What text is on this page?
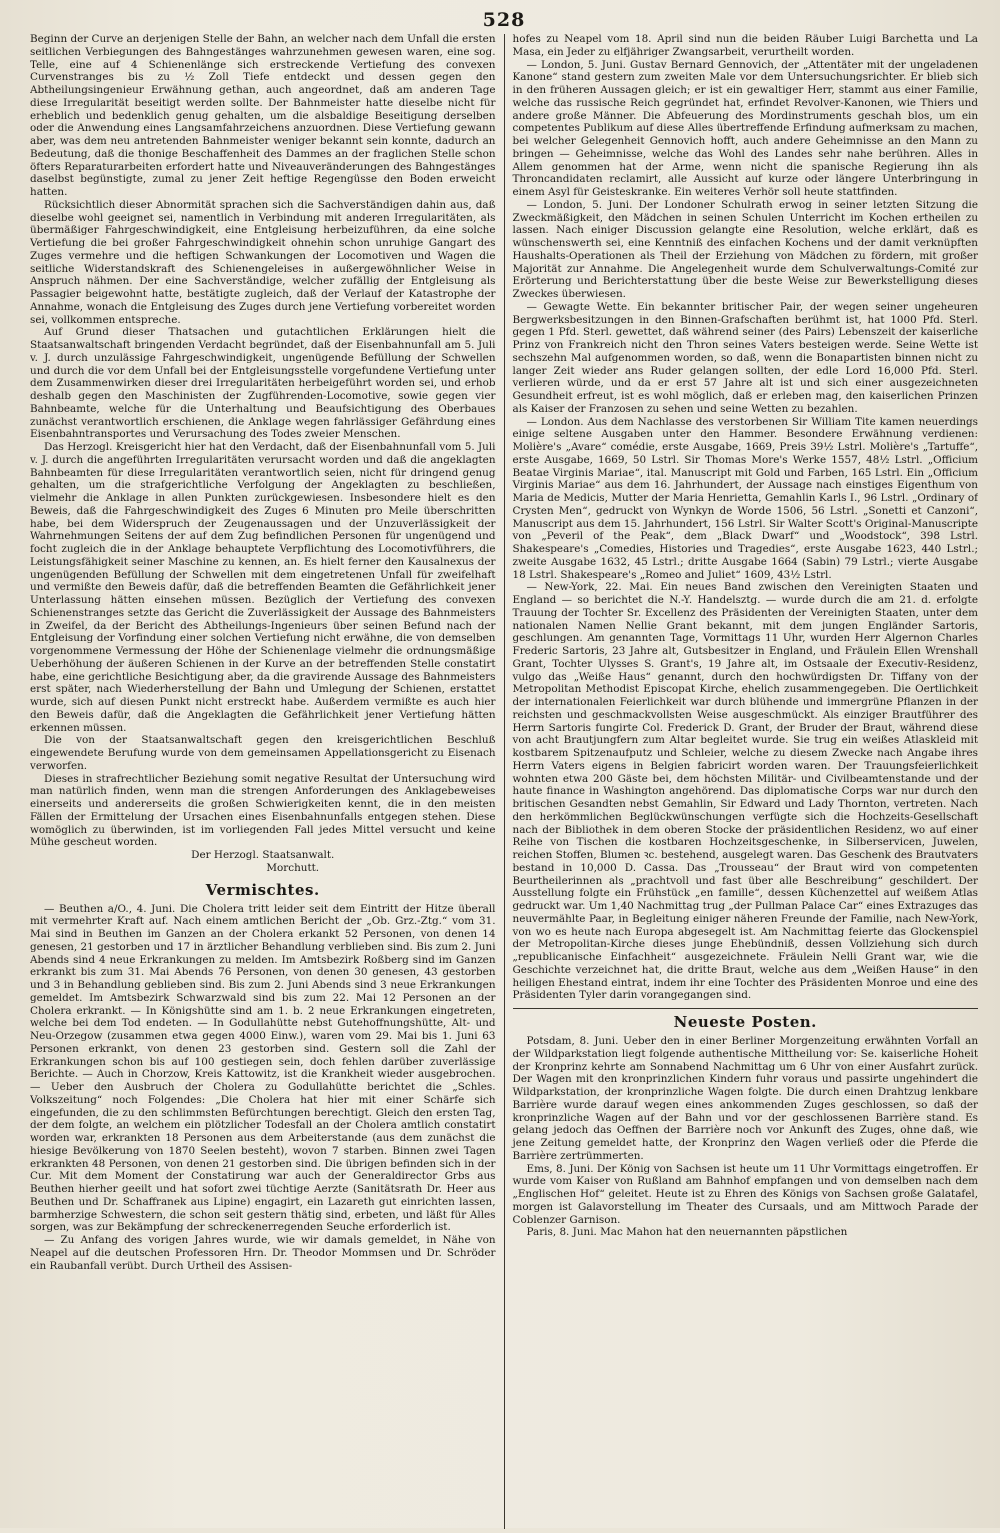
528

Beginn der Curve an derjenigen Stelle der Bahn, an welcher nach dem Unfall die ersten seitlichen Verbiegungen des Bahngestänges wahrzunehmen gewesen waren, eine sog. Telle, eine auf 4 Schienenlänge sich erstreckende Vertiefung des convexen Curvenstranges bis zu ½ Zoll Tiefe entdeckt und dessen gegen den Abtheilungsingenieur Erwähnung gethan, auch angeordnet, daß am anderen Tage diese Irregularität beseitigt werden sollte. Der Bahnmeister hatte dieselbe nicht für erheblich und bedenklich genug gehalten, um die alsbaldige Beseitigung derselben oder die Anwendung eines Langsamfahrzeichens anzuordnen. Diese Vertiefung gewann aber, was dem neu antretenden Bahnmeister weniger bekannt sein konnte, dadurch an Bedeutung, daß die thonige Beschaffenheit des Dammes an der fraglichen Stelle schon öfters Reparaturarbeiten erfordert hatte und Niveauveränderungen des Bahngestänges daselbst begünstigte, zumal zu jener Zeit heftige Regengüsse den Boden erweicht hatten.

Rücksichtlich dieser Abnormität sprachen sich die Sachverständigen dahin aus, daß dieselbe wohl geeignet sei, namentlich in Verbindung mit anderen Irregularitäten, als übermäßiger Fahrgeschwindigkeit, eine Entgleisung herbeizuführen, da eine solche Vertiefung die bei großer Fahrgeschwindigkeit ohnehin schon unruhige Gangart des Zuges vermehre und die heftigen Schwankungen der Locomotiven und Wagen die seitliche Widerstandskraft des Schienengeleises in außergewöhnlicher Weise in Anspruch nähmen. Der eine Sachverständige, welcher zufällig der Entgleisung als Passagier beigewohnt hatte, bestätigte zugleich, daß der Verlauf der Katastrophe der Annahme, wonach die Entgleisung des Zuges durch jene Vertiefung vorbereitet worden sei, vollkommen entspreche.

Auf Grund dieser Thatsachen und gutachtlichen Erklärungen hielt die Staatsanwaltschaft bringenden Verdacht begründet, daß der Eisenbahnunfall am 5. Juli v. J. durch unzulässige Fahrgeschwindigkeit, ungenügende Befüllung der Schwellen und durch die vor dem Unfall bei der Entgleisungsstelle vorgefundene Vertiefung unter dem Zusammenwirken dieser drei Irregularitäten herbeigeführt worden sei, und erhob deshalb gegen den Maschinisten der Zugführenden-Locomotive, sowie gegen vier Bahnbeamte, welche für die Unterhaltung und Beaufsichtigung des Oberbaues zunächst verantwortlich erschienen, die Anklage wegen fahrlässiger Gefährdung eines Eisenbahntransportes und Verursachung des Todes zweier Menschen.

Das Herzogl. Kreisgericht hier hat den Verdacht, daß der Eisenbahnunfall vom 5. Juli v. J. durch die angeführten Irregularitäten verursacht worden und daß die angeklagten Bahnbeamten für diese Irregularitäten verantwortlich seien, nicht für dringend genug gehalten, um die strafgerichtliche Verfolgung der Angeklagten zu beschließen, vielmehr die Anklage in allen Punkten zurückgewiesen. Insbesondere hielt es den Beweis, daß die Fahrgeschwindigkeit des Zuges 6 Minuten pro Meile überschritten habe, bei dem Widerspruch der Zeugenaussagen und der Unzuverlässigkeit der Wahrnehmungen Seitens der auf dem Zug befindlichen Personen für ungenügend und focht zugleich die in der Anklage behauptete Verpflichtung des Locomotivführers, die Leistungsfähigkeit seiner Maschine zu kennen, an. Es hielt ferner den Kausalnexus der ungenügenden Befüllung der Schwellen mit dem eingetretenen Unfall für zweifelhaft und vermißte den Beweis dafür, daß die betreffenden Beamten die Gefährlichkeit jener Unterlassung hätten einsehen müssen. Bezüglich der Vertiefung des convexen Schienenstranges setzte das Gericht die Zuverlässigkeit der Aussage des Bahnmeisters in Zweifel, da der Bericht des Abtheilungs-Ingenieurs über seinen Befund nach der Entgleisung der Vorfindung einer solchen Vertiefung nicht erwähne, die von demselben vorgenommene Vermessung der Höhe der Schienenlage vielmehr die ordnungsmäßige Ueberhöhung der äußeren Schienen in der Kurve an der betreffenden Stelle constatirt habe, eine gerichtliche Besichtigung aber, da die gravirende Aussage des Bahnmeisters erst später, nach Wiederherstellung der Bahn und Umlegung der Schienen, erstattet wurde, sich auf diesen Punkt nicht erstreckt habe. Außerdem vermißte es auch hier den Beweis dafür, daß die Angeklagten die Gefährlichkeit jener Vertiefung hätten erkennen müssen.

Die von der Staatsanwaltschaft gegen den kreisgerichtlichen Beschluß eingewendete Berufung wurde von dem gemeinsamen Appellationsgericht zu Eisenach verworfen.

Dieses in strafrechtlicher Beziehung somit negative Resultat der Untersuchung wird man natürlich finden, wenn man die strengen Anforderungen des Anklagebeweises einerseits und andererseits die großen Schwierigkeiten kennt, die in den meisten Fällen der Ermittelung der Ursachen eines Eisenbahnunfalls entgegen stehen. Diese womöglich zu überwinden, ist im vorliegenden Fall jedes Mittel versucht und keine Mühe gescheut worden.

Der Herzogl. Staatsanwalt.

Morchutt.

Vermischtes.

— Beuthen a/O., 4. Juni. Die Cholera tritt leider seit dem Eintritt der Hitze überall mit vermehrter Kraft auf. Nach einem amtlichen Bericht der „Ob. Grz.-Ztg.“ vom 31. Mai sind in Beuthen im Ganzen an der Cholera erkankt 52 Personen, von denen 14 genesen, 21 gestorben und 17 in ärztlicher Behandlung verblieben sind. Bis zum 2. Juni Abends sind 4 neue Erkrankungen zu melden. Im Amtsbezirk Roßberg sind im Ganzen erkrankt bis zum 31. Mai Abends 76 Personen, von denen 30 genesen, 43 gestorben und 3 in Behandlung geblieben sind. Bis zum 2. Juni Abends sind 3 neue Erkrankungen gemeldet. Im Amtsbezirk Schwarzwald sind bis zum 22. Mai 12 Personen an der Cholera erkrankt. — In Königshütte sind am 1. b. 2 neue Erkrankungen eingetreten, welche bei dem Tod endeten. — In Godullahütte nebst Gutehoffnungshütte, Alt- und Neu-Orzegow (zusammen etwa gegen 4000 Einw.), waren vom 29. Mai bis 1. Juni 63 Personen erkrankt, von denen 23 gestorben sind. Gestern soll die Zahl der Erkrankungen schon bis auf 100 gestiegen sein, doch fehlen darüber zuverlässige Berichte. — Auch in Chorzow, Kreis Kattowitz, ist die Krankheit wieder ausgebrochen. — Ueber den Ausbruch der Cholera zu Godullahütte berichtet die „Schles. Volkszeitung“ noch Folgendes: „Die Cholera hat hier mit einer Schärfe sich eingefunden, die zu den schlimmsten Befürchtungen berechtigt. Gleich den ersten Tag, der dem folgte, an welchem ein plötzlicher Todesfall an der Cholera amtlich constatirt worden war, erkrankten 18 Personen aus dem Arbeiterstande (aus dem zunächst die hiesige Bevölkerung von 1870 Seelen besteht), wovon 7 starben. Binnen zwei Tagen erkrankten 48 Personen, von denen 21 gestorben sind. Die übrigen befinden sich in der Cur. Mit dem Moment der Constatirung war auch der Generaldirector Grbs aus Beuthen hierher geeilt und hat sofort zwei tüchtige Aerzte (Sanitätsrath Dr. Heer aus Beuthen und Dr. Schaffranek aus Lipine) engagirt, ein Lazareth gut einrichten lassen, barmherzige Schwestern, die schon seit gestern thätig sind, erbeten, und läßt für Alles sorgen, was zur Bekämpfung der schreckenerregenden Seuche erforderlich ist.

— Zu Anfang des vorigen Jahres wurde, wie wir damals gemeldet, in Nähe von Neapel auf die deutschen Professoren Hrn. Dr. Theodor Mommsen und Dr. Schröder ein Raubanfall verübt. Durch Urtheil des Assisen-

hofes zu Neapel vom 18. April sind nun die beiden Räuber Luigi Barchetta und La Masa, ein Jeder zu elfjähriger Zwangsarbeit, verurtheilt worden.

— London, 5. Juni. Gustav Bernard Gennovich, der „Attentäter mit der ungeladenen Kanone“ stand gestern zum zweiten Male vor dem Untersuchungsrichter. Er blieb sich in den früheren Aussagen gleich; er ist ein gewaltiger Herr, stammt aus einer Familie, welche das russische Reich gegründet hat, erfindet Revolver-Kanonen, wie Thiers und andere große Männer. Die Abfeuerung des Mordinstruments geschah blos, um ein competentes Publikum auf diese Alles übertreffende Erfindung aufmerksam zu machen, bei welcher Gelegenheit Gennovich hofft, auch andere Geheimnisse an den Mann zu bringen — Geheimnisse, welche das Wohl des Landes sehr nahe berühren. Alles in Allem genommen hat der Arme, wenn nicht die spanische Regierung ihn als Throncandidaten reclamirt, alle Aussicht auf kurze oder längere Unterbringung in einem Asyl für Geisteskranke. Ein weiteres Verhör soll heute stattfinden.

— London, 5. Juni. Der Londoner Schulrath erwog in seiner letzten Sitzung die Zweckmäßigkeit, den Mädchen in seinen Schulen Unterricht im Kochen ertheilen zu lassen. Nach einiger Discussion gelangte eine Resolution, welche erklärt, daß es wünschenswerth sei, eine Kenntniß des einfachen Kochens und der damit verknüpften Haushalts-Operationen als Theil der Erziehung von Mädchen zu fördern, mit großer Majorität zur Annahme. Die Angelegenheit wurde dem Schulverwaltungs-Comité zur Erörterung und Berichterstattung über die beste Weise zur Bewerkstelligung dieses Zweckes überwiesen.

— Gewagte Wette. Ein bekannter britischer Pair, der wegen seiner ungeheuren Bergwerksbesitzungen in den Binnen-Grafschaften berühmt ist, hat 1000 Pfd. Sterl. gegen 1 Pfd. Sterl. gewettet, daß während seiner (des Pairs) Lebenszeit der kaiserliche Prinz von Frankreich nicht den Thron seines Vaters besteigen werde. Seine Wette ist sechszehn Mal aufgenommen worden, so daß, wenn die Bonapartisten binnen nicht zu langer Zeit wieder ans Ruder gelangen sollten, der edle Lord 16,000 Pfd. Sterl. verlieren würde, und da er erst 57 Jahre alt ist und sich einer ausgezeichneten Gesundheit erfreut, ist es wohl möglich, daß er erleben mag, den kaiserlichen Prinzen als Kaiser der Franzosen zu sehen und seine Wetten zu bezahlen.

— London. Aus dem Nachlasse des verstorbenen Sir William Tite kamen neuerdings einige seltene Ausgaben unter den Hammer. Besondere Erwähnung verdienen: Molière's „Avare“ comédie, erste Ausgabe, 1669, Preis 39½ Lstrl. Molière's „Tartuffe“, erste Ausgabe, 1669, 50 Lstrl. Sir Thomas More's Werke 1557, 48½ Lstrl. „Officium Beatae Virginis Mariae“, ital. Manuscript mit Gold und Farben, 165 Lstrl. Ein „Officium Virginis Mariae“ aus dem 16. Jahrhundert, der Aussage nach einstiges Eigenthum von Maria de Medicis, Mutter der Maria Henrietta, Gemahlin Karls I., 96 Lstrl. „Ordinary of Crysten Men“, gedruckt von Wynkyn de Worde 1506, 56 Lstrl. „Sonetti et Canzoni“, Manuscript aus dem 15. Jahrhundert, 156 Lstrl. Sir Walter Scott's Original-Manuscripte von „Peveril of the Peak“, dem „Black Dwarf“ und „Woodstock“, 398 Lstrl. Shakespeare's „Comedies, Histories und Tragedies“, erste Ausgabe 1623, 440 Lstrl.; zweite Ausgabe 1632, 45 Lstrl.; dritte Ausgabe 1664 (Sabin) 79 Lstrl.; vierte Ausgabe 18 Lstrl. Shakespeare's „Romeo and Juliet“ 1609, 43½ Lstrl.

— New-York, 22. Mai. Ein neues Band zwischen den Vereinigten Staaten und England — so berichtet die N.-Y. Handelsztg. — wurde durch die am 21. d. erfolgte Trauung der Tochter Sr. Excellenz des Präsidenten der Vereinigten Staaten, unter dem nationalen Namen Nellie Grant bekannt, mit dem jungen Engländer Sartoris, geschlungen. Am genannten Tage, Vormittags 11 Uhr, wurden Herr Algernon Charles Frederic Sartoris, 23 Jahre alt, Gutsbesitzer in England, und Fräulein Ellen Wrenshall Grant, Tochter Ulysses S. Grant's, 19 Jahre alt, im Ostsaale der Executiv-Residenz, vulgo das „Weiße Haus“ genannt, durch den hochwürdigsten Dr. Tiffany von der Metropolitan Methodist Episcopat Kirche, ehelich zusammengegeben. Die Oertlichkeit der internationalen Feierlichkeit war durch blühende und immergrüne Pflanzen in der reichsten und geschmackvollsten Weise ausgeschmückt. Als einziger Brautführer des Herrn Sartoris fungirte Col. Frederick D. Grant, der Bruder der Braut, während diese von acht Brautjungfern zum Altar begleitet wurde. Sie trug ein weißes Atlaskleid mit kostbarem Spitzenaufputz und Schleier, welche zu diesem Zwecke nach Angabe ihres Herrn Vaters eigens in Belgien fabricirt worden waren. Der Trauungsfeierlichkeit wohnten etwa 200 Gäste bei, dem höchsten Militär- und Civilbeamtenstande und der haute finance in Washington angehörend. Das diplomatische Corps war nur durch den britischen Gesandten nebst Gemahlin, Sir Edward und Lady Thornton, vertreten. Nach den herkömmlichen Beglückwünschungen verfügte sich die Hochzeits-Gesellschaft nach der Bibliothek in dem oberen Stocke der präsidentlichen Residenz, wo auf einer Reihe von Tischen die kostbaren Hochzeitsgeschenke, in Silberservicen, Juwelen, reichen Stoffen, Blumen ꝛc. bestehend, ausgelegt waren. Das Geschenk des Brautvaters bestand in 10,000 D. Cassa. Das „Trousseau“ der Braut wird von competenten Beurtheilerinnen als „prachtvoll und fast über alle Beschreibung“ geschildert. Der Ausstellung folgte ein Frühstück „en famille“, dessen Küchenzettel auf weißem Atlas gedruckt war. Um 1,40 Nachmittag trug „der Pullman Palace Car“ eines Extrazuges das neuvermählte Paar, in Begleitung einiger näheren Freunde der Familie, nach New-York, von wo es heute nach Europa abgesegelt ist. Am Nachmittag feierte das Glockenspiel der Metropolitan-Kirche dieses junge Ehebündniß, dessen Vollziehung sich durch „republicanische Einfachheit“ ausgezeichnete. Fräulein Nelli Grant war, wie die Geschichte verzeichnet hat, die dritte Braut, welche aus dem „Weißen Hause“ in den heiligen Ehestand eintrat, indem ihr eine Tochter des Präsidenten Monroe und eine des Präsidenten Tyler darin vorangegangen sind.

Neueste Posten.

Potsdam, 8. Juni. Ueber den in einer Berliner Morgenzeitung erwähnten Vorfall an der Wildparkstation liegt folgende authentische Mittheilung vor: Se. kaiserliche Hoheit der Kronprinz kehrte am Sonnabend Nachmittag um 6 Uhr von einer Ausfahrt zurück. Der Wagen mit den kronprinzlichen Kindern fuhr voraus und passirte ungehindert die Wildparkstation, der kronprinzliche Wagen folgte. Die durch einen Drahtzug lenkbare Barrière wurde darauf wegen eines ankommenden Zuges geschlossen, so daß der kronprinzliche Wagen auf der Bahn und vor der geschlossenen Barrière stand. Es gelang jedoch das Oeffnen der Barrière noch vor Ankunft des Zuges, ohne daß, wie jene Zeitung gemeldet hatte, der Kronprinz den Wagen verließ oder die Pferde die Barrière zertrümmerten.

Ems, 8. Juni. Der König von Sachsen ist heute um 11 Uhr Vormittags eingetroffen. Er wurde vom Kaiser von Rußland am Bahnhof empfangen und von demselben nach dem „Englischen Hof“ geleitet. Heute ist zu Ehren des Königs von Sachsen große Galatafel, morgen ist Galavorstellung im Theater des Cursaals, und am Mittwoch Parade der Coblenzer Garnison.

Paris, 8. Juni. Mac Mahon hat den neuernannten päpstlichen
